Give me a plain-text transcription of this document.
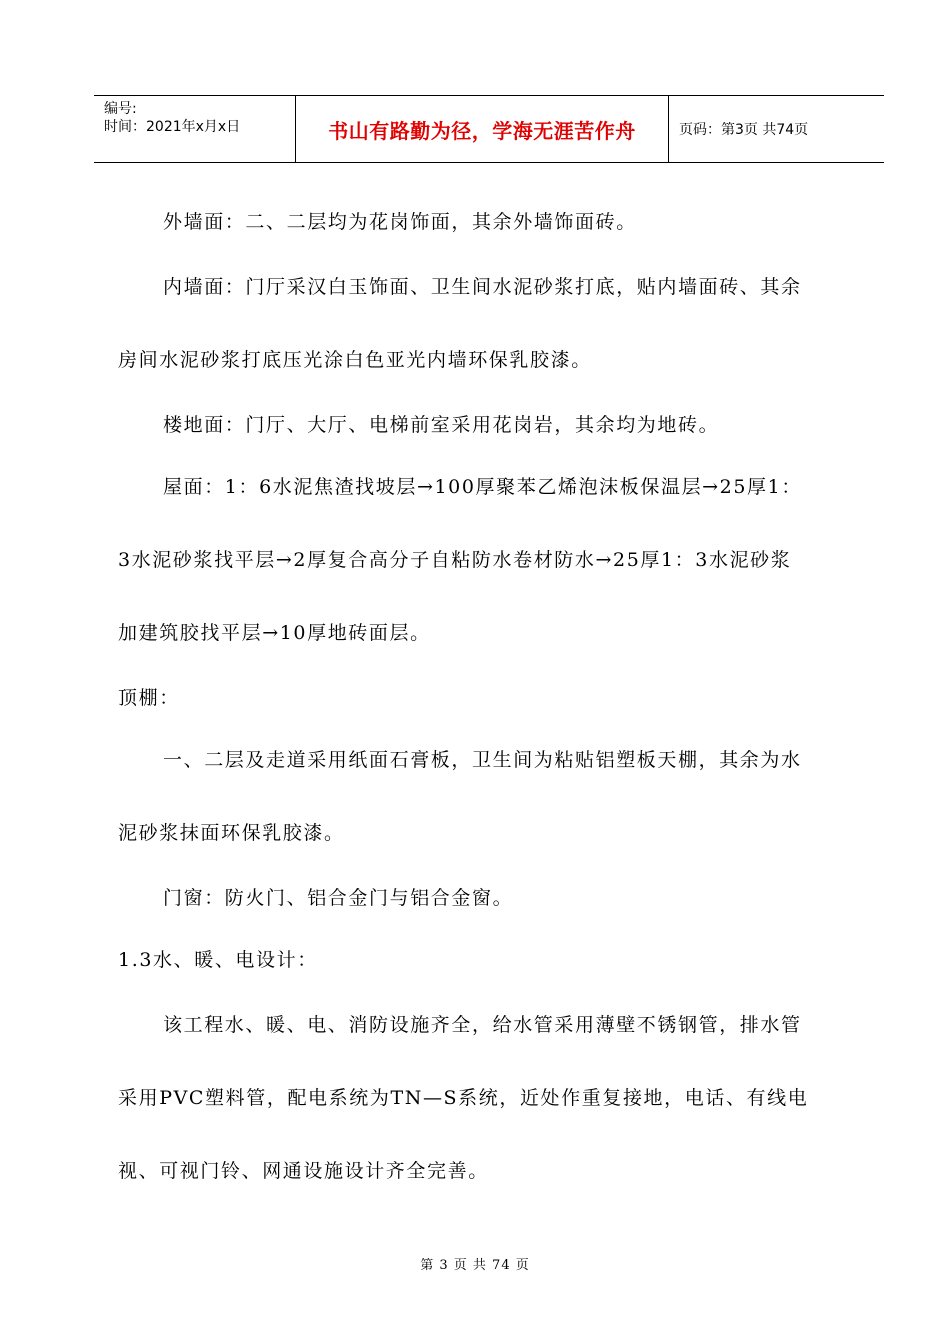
编号:
时间：2021年x月x日	书山有路勤为径，学海无涯苦作舟	页码：第3页 共74页

外墙面：二、二层均为花岗饰面，其余外墙饰面砖。

内墙面：门厅采汉白玉饰面、卫生间水泥砂浆打底，贴内墙面砖、其余

房间水泥砂浆打底压光涂白色亚光内墙环保乳胶漆。

楼地面：门厅、大厅、电梯前室采用花岗岩，其余均为地砖。

屋面：1：6水泥焦渣找坡层→100厚聚苯乙烯泡沫板保温层→25厚1：

3水泥砂浆找平层→2厚复合高分子自粘防水卷材防水→25厚1：3水泥砂浆

加建筑胶找平层→10厚地砖面层。

顶棚：

一、二层及走道采用纸面石膏板，卫生间为粘贴铝塑板天棚，其余为水

泥砂浆抹面环保乳胶漆。

门窗：防火门、铝合金门与铝合金窗。

1.3水、暖、电设计：

该工程水、暖、电、消防设施齐全，给水管采用薄壁不锈钢管，排水管

采用PVC塑料管，配电系统为TN—S系统，近处作重复接地，电话、有线电

视、可视门铃、网通设施设计齐全完善。

第 3 页 共 74 页
